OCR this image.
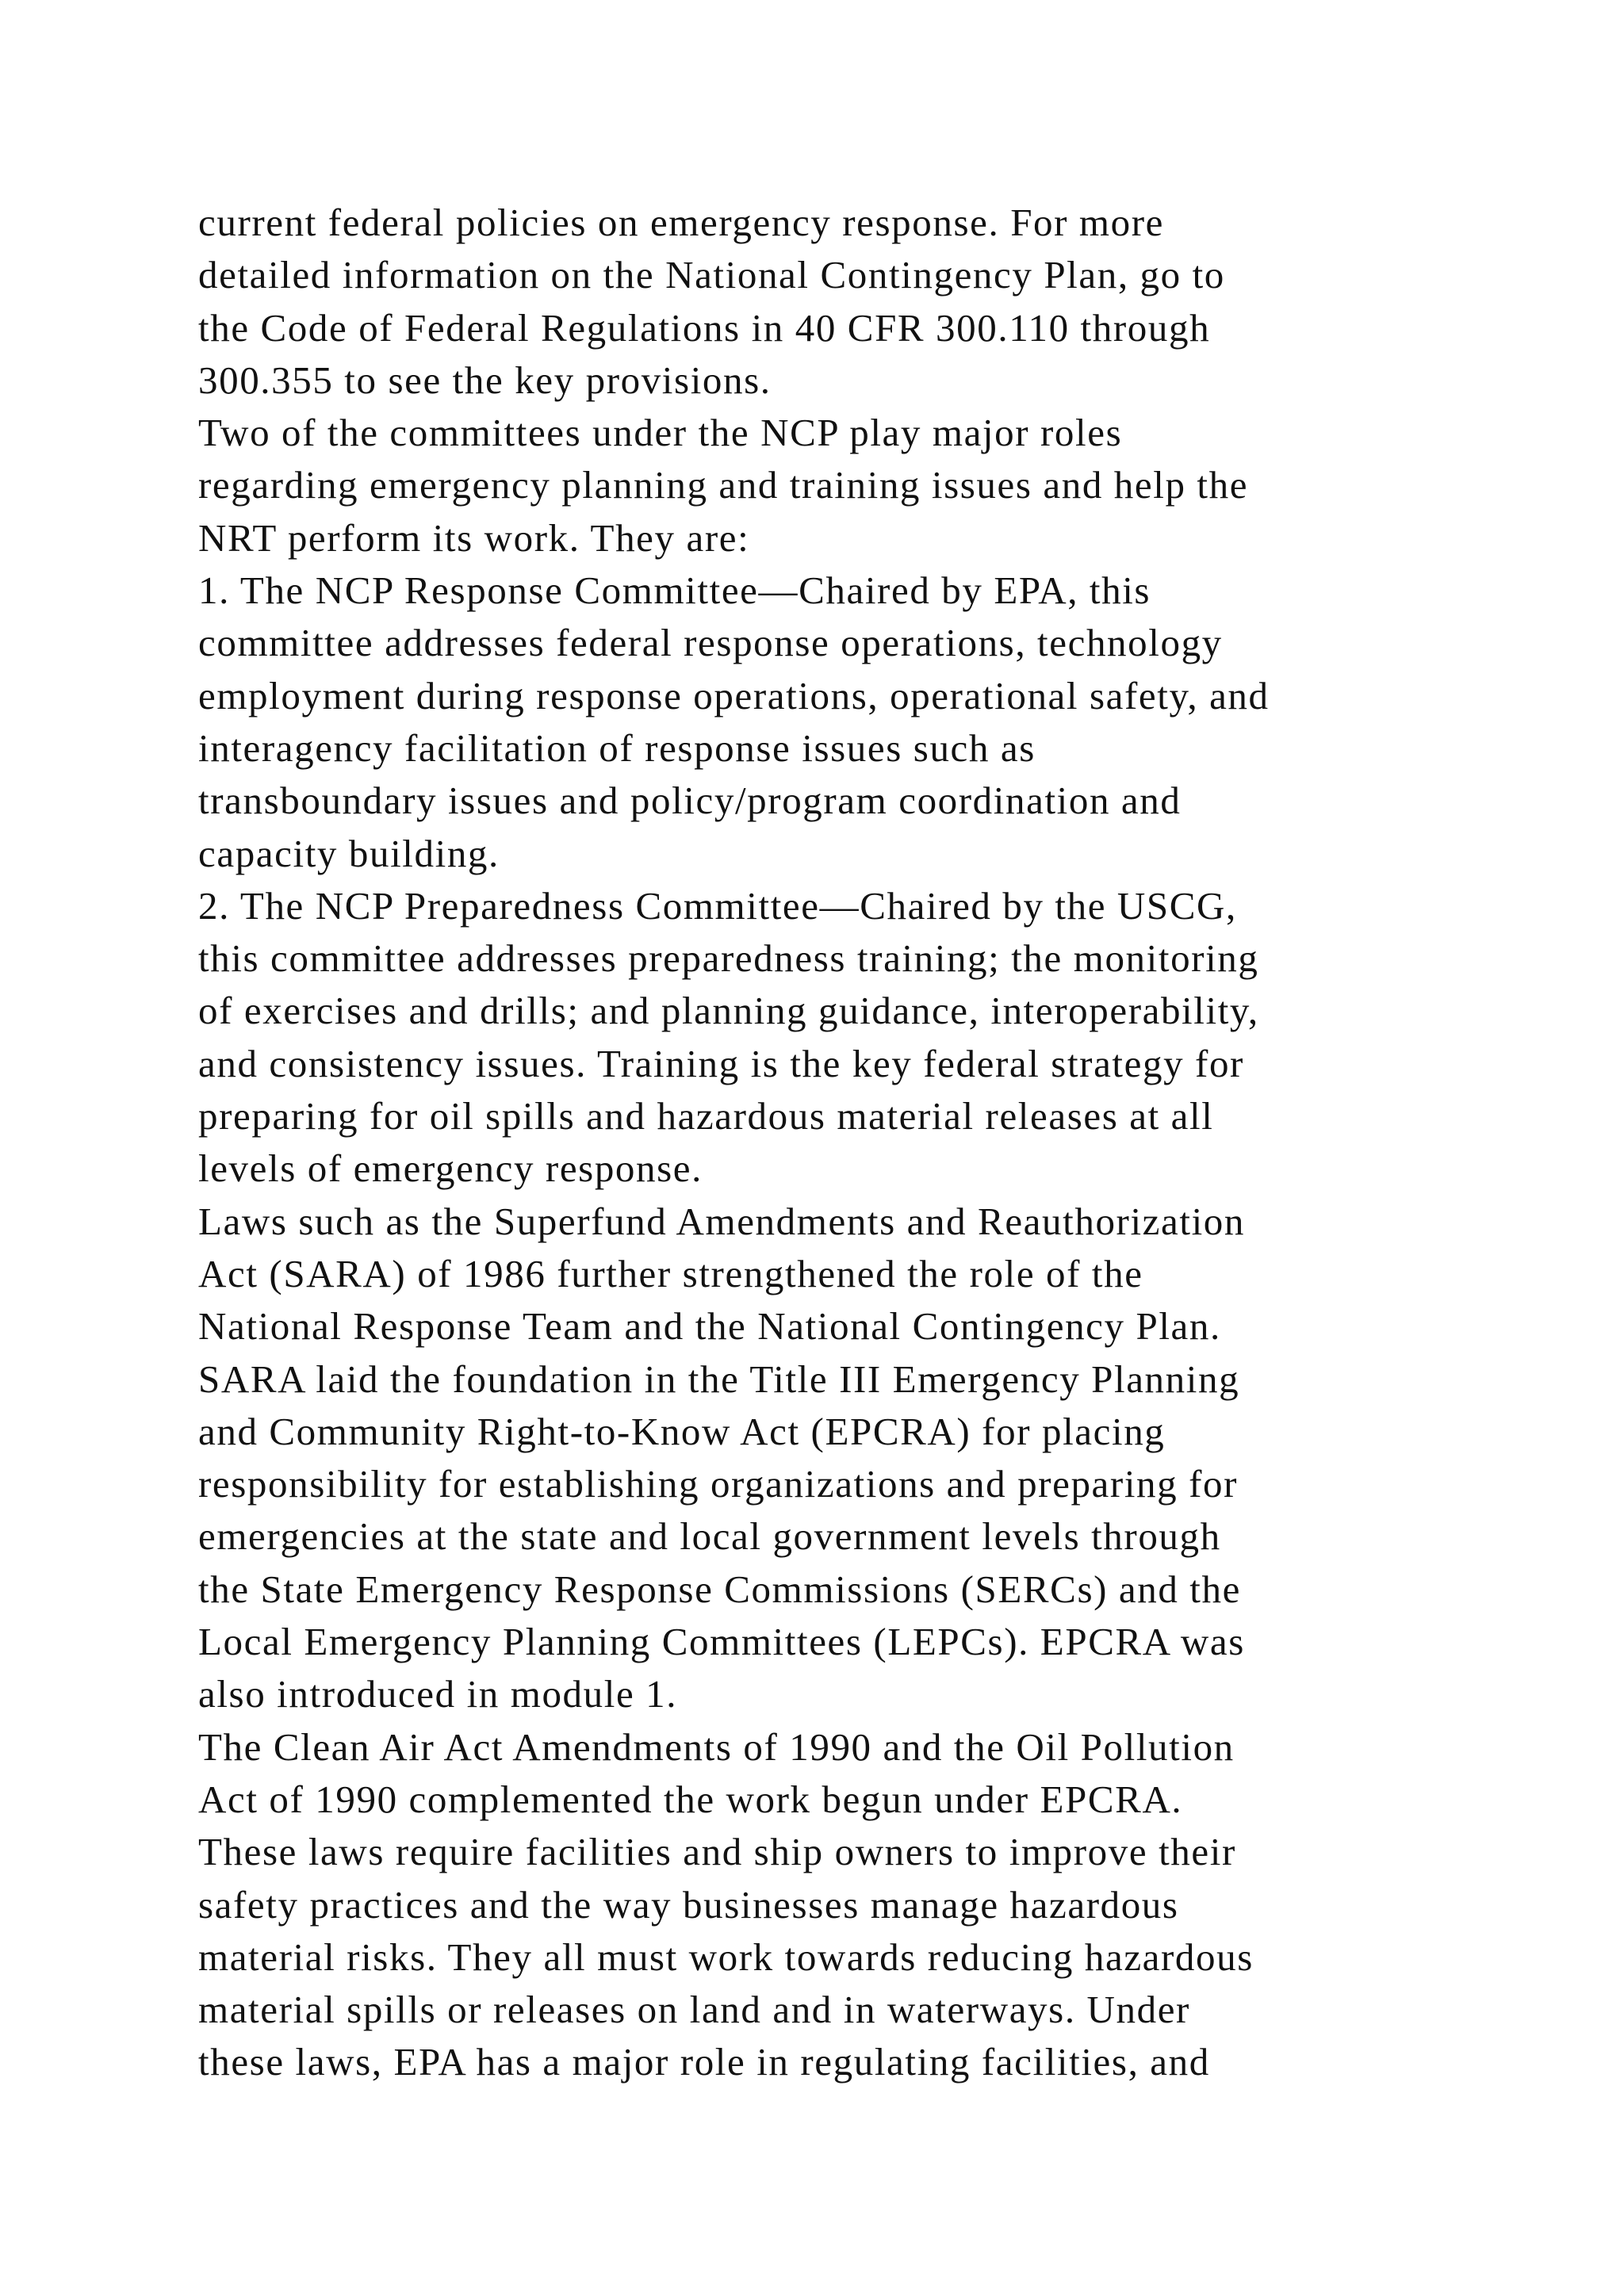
current federal policies on emergency response. For more
detailed information on the National Contingency Plan, go to
the Code of Federal Regulations in 40 CFR 300.110 through
300.355 to see the key provisions.
Two of the committees under the NCP play major roles
regarding emergency planning and training issues and help the
NRT perform its work. They are:
1. The NCP Response Committee—Chaired by EPA, this
committee addresses federal response operations, technology
employment during response operations, operational safety, and
interagency facilitation of response issues such as
transboundary issues and policy/program coordination and
capacity building.
2. The NCP Preparedness Committee—Chaired by the USCG,
this committee addresses preparedness training; the monitoring
of exercises and drills; and planning guidance, interoperability,
and consistency issues. Training is the key federal strategy for
preparing for oil spills and hazardous material releases at all
levels of emergency response.
Laws such as the Superfund Amendments and Reauthorization
Act (SARA) of 1986 further strengthened the role of the
National Response Team and the National Contingency Plan.
SARA laid the foundation in the Title III Emergency Planning
and Community Right-to-Know Act (EPCRA) for placing
responsibility for establishing organizations and preparing for
emergencies at the state and local government levels through
the State Emergency Response Commissions (SERCs) and the
Local Emergency Planning Committees (LEPCs). EPCRA was
also introduced in module 1.
The Clean Air Act Amendments of 1990 and the Oil Pollution
Act of 1990 complemented the work begun under EPCRA.
These laws require facilities and ship owners to improve their
safety practices and the way businesses manage hazardous
material risks. They all must work towards reducing hazardous
material spills or releases on land and in waterways. Under
these laws, EPA has a major role in regulating facilities, and
